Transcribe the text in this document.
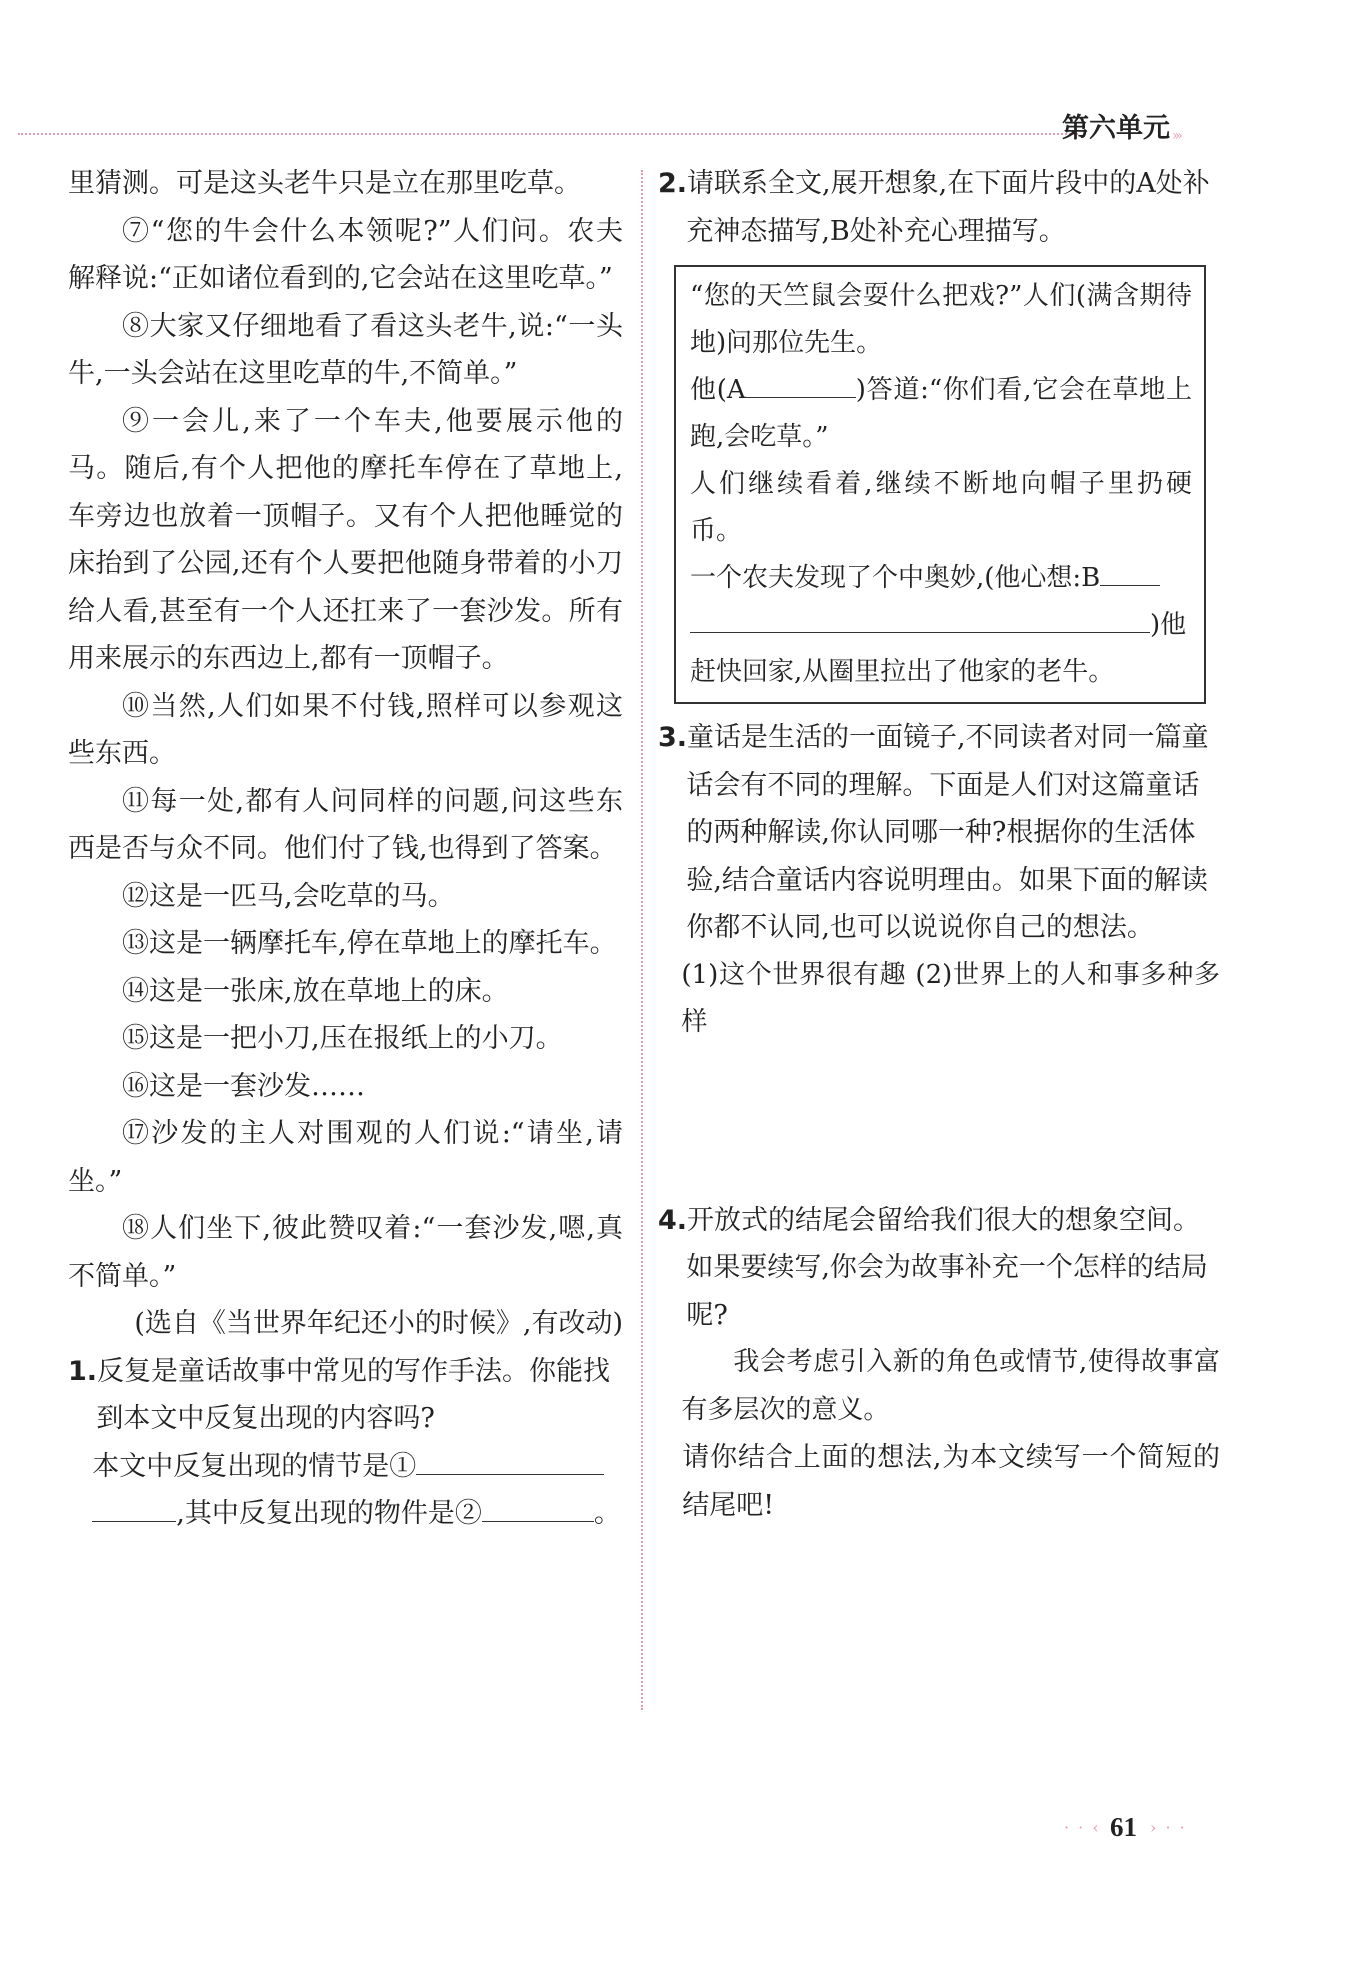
第六单元 ›››

里猜测。可是这头老牛只是立在那里吃草。

⑦“您的牛会什么本领呢?”人们问。农夫解释说:“正如诸位看到的,它会站在这里吃草。”

⑧大家又仔细地看了看这头老牛,说:“一头牛,一头会站在这里吃草的牛,不简单。”

⑨一会儿,来了一个车夫,他要展示他的马。随后,有个人把他的摩托车停在了草地上,车旁边也放着一顶帽子。又有个人把他睡觉的床抬到了公园,还有个人要把他随身带着的小刀给人看,甚至有一个人还扛来了一套沙发。所有用来展示的东西边上,都有一顶帽子。

⑩当然,人们如果不付钱,照样可以参观这些东西。

⑪每一处,都有人问同样的问题,问这些东西是否与众不同。他们付了钱,也得到了答案。

⑫这是一匹马,会吃草的马。

⑬这是一辆摩托车,停在草地上的摩托车。

⑭这是一张床,放在草地上的床。

⑮这是一把小刀,压在报纸上的小刀。

⑯这是一套沙发……

⑰沙发的主人对围观的人们说:“请坐,请坐。”

⑱人们坐下,彼此赞叹着:“一套沙发,嗯,真不简单。”

(选自《当世界年纪还小的时候》,有改动)

1.反复是童话故事中常见的写作手法。你能找到本文中反复出现的内容吗?
本文中反复出现的情节是①
,其中反复出现的物件是②	。
2.请联系全文,展开想象,在下面片段中的A处补充神态描写,B处补充心理描写。

“您的天竺鼠会耍什么把戏?”人们(满含期待地)问那位先生。

他(A	)答道:“你们看,它会在草地上跑,会吃草。”

人们继续看着,继续不断地向帽子里扔硬币。

一个农夫发现了个中奥妙,(他心想:B
)他

赶快回家,从圈里拉出了他家的老牛。

3.童话是生活的一面镜子,不同读者对同一篇童话会有不同的理解。下面是人们对这篇童话的两种解读,你认同哪一种?根据你的生活体验,结合童话内容说明理由。如果下面的解读你都不认同,也可以说说你自己的想法。

(1)这个世界很有趣 (2)世界上的人和事多种多样

4.开放式的结尾会留给我们很大的想象空间。如果要续写,你会为故事补充一个怎样的结局呢?

我会考虑引入新的角色或情节,使得故事富有多层次的意义。

请你结合上面的想法,为本文续写一个简短的结尾吧!

· · ‹ 61 › · ·
